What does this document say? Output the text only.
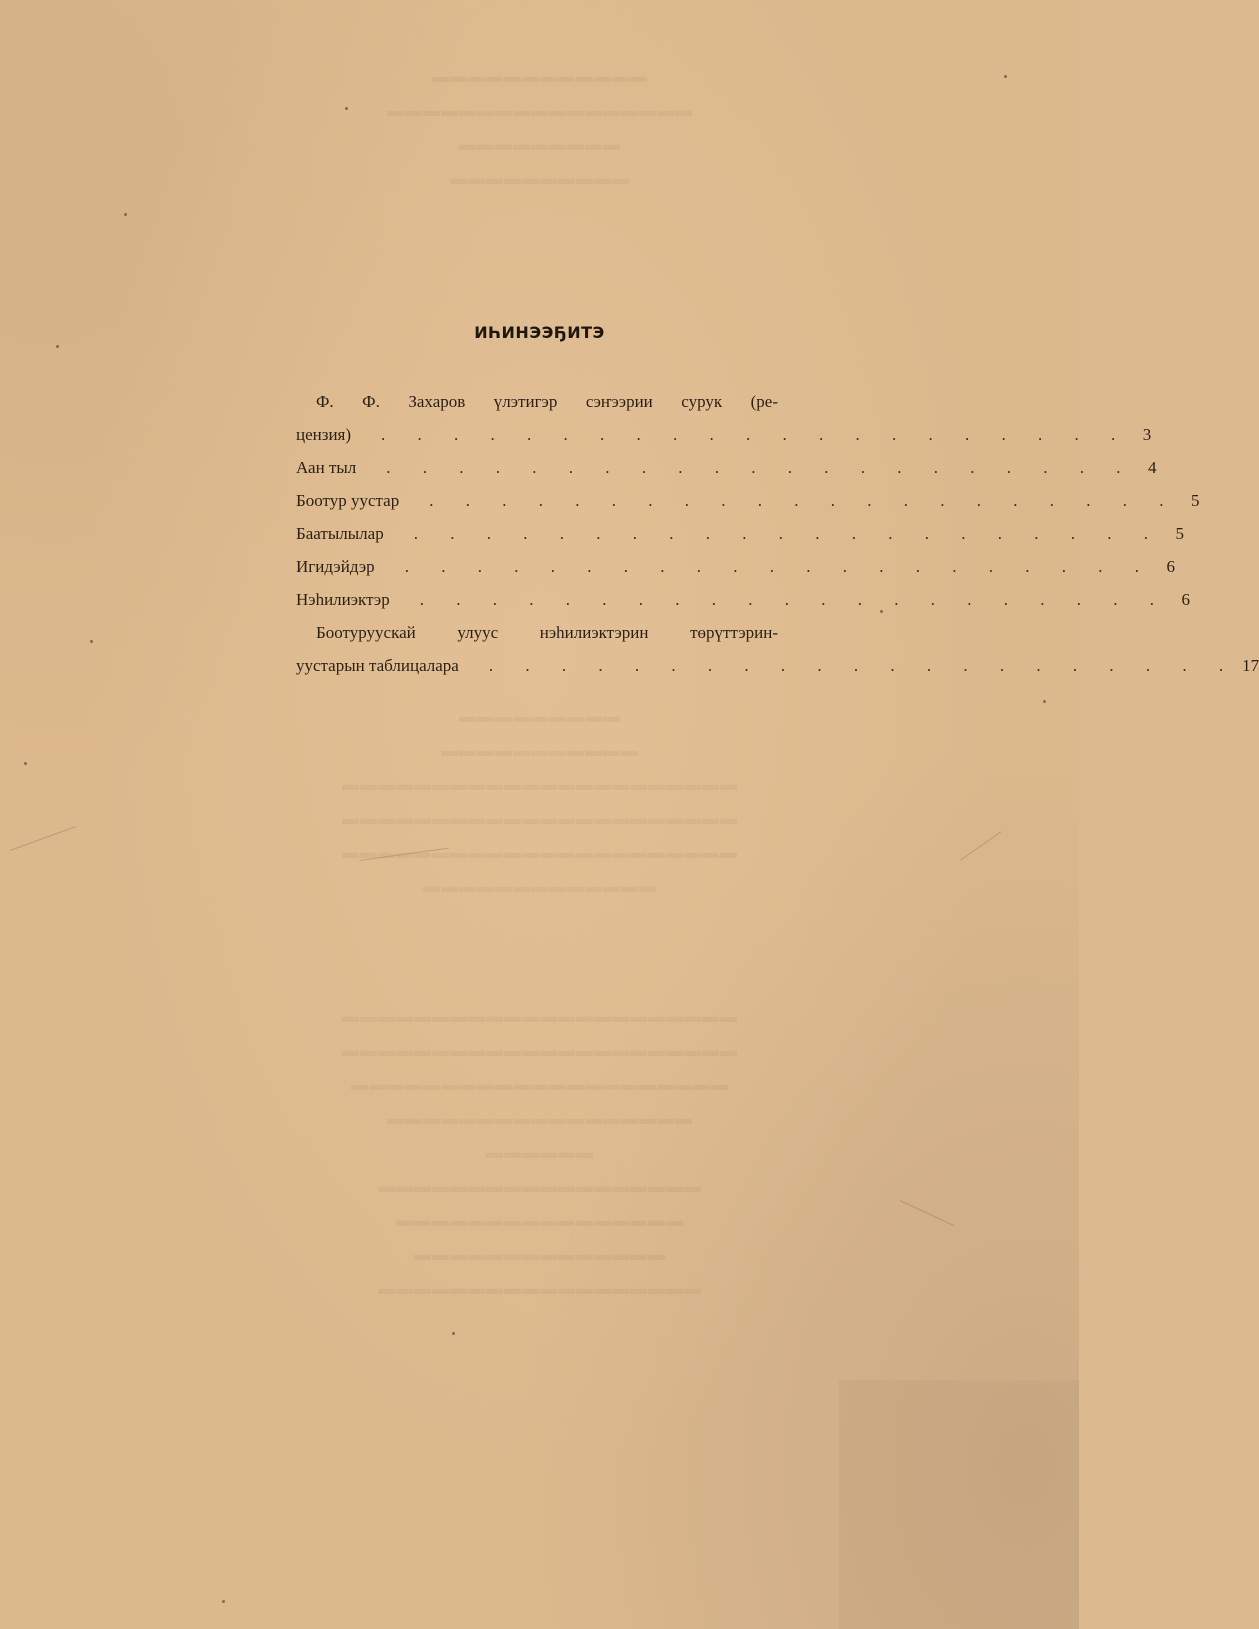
▬▬▬▬▬▬▬▬▬▬▬▬
▬▬▬▬▬▬▬▬▬▬▬▬▬▬▬▬▬
▬▬▬▬▬▬▬▬▬
▬▬▬▬▬▬▬▬▬▬
▬▬▬▬▬▬▬▬▬
▬▬▬▬▬▬▬▬▬▬▬
▬▬▬▬▬▬▬▬▬▬▬▬▬▬▬▬▬▬▬▬▬▬
▬▬▬▬▬▬▬▬▬▬▬▬▬▬▬▬▬▬▬▬▬▬
▬▬▬▬▬▬▬▬▬▬▬▬▬▬▬▬▬▬▬▬▬▬
▬▬▬▬▬▬▬▬▬▬▬▬▬
▬▬▬▬▬▬▬▬▬▬▬▬▬▬▬▬▬▬▬▬▬▬
▬▬▬▬▬▬▬▬▬▬▬▬▬▬▬▬▬▬▬▬▬▬
▬▬▬▬▬▬▬▬▬▬▬▬▬▬▬▬▬▬▬▬▬
▬▬▬▬▬▬▬▬▬▬▬▬▬▬▬▬▬
▬▬▬▬▬▬
▬▬▬▬▬▬▬▬▬▬▬▬▬▬▬▬▬▬
▬▬▬▬▬▬▬▬▬▬▬▬▬▬▬▬
▬▬▬▬▬▬▬▬▬▬▬▬▬▬
▬▬▬▬▬▬▬▬▬▬▬▬▬▬▬▬▬▬
ИҺИНЭЭҔИТЭ
Ф. Ф. Захаров үлэтигэр сэҥээрии сурук (ре-
цензия)	. . . . . . . . . . . . . . . . . . . . . 3
Аан тыл	. . . . . . . . . . . . . . . . . . . . . 4
Боотур уустар	. . . . . . . . . . . . . . . . . . . . . 5
Баатылылар	. . . . . . . . . . . . . . . . . . . . . 5
Игидэйдэр	. . . . . . . . . . . . . . . . . . . . . 6
Нэһилиэктэр	. . . . . . . . . . . . . . . . . . . . . 6
Боотуруускай улуус нэһилиэктэрин төрүттэрин-
уустарын таблицалара	. . . . . . . . . . . . . . . . . . . . . 17
